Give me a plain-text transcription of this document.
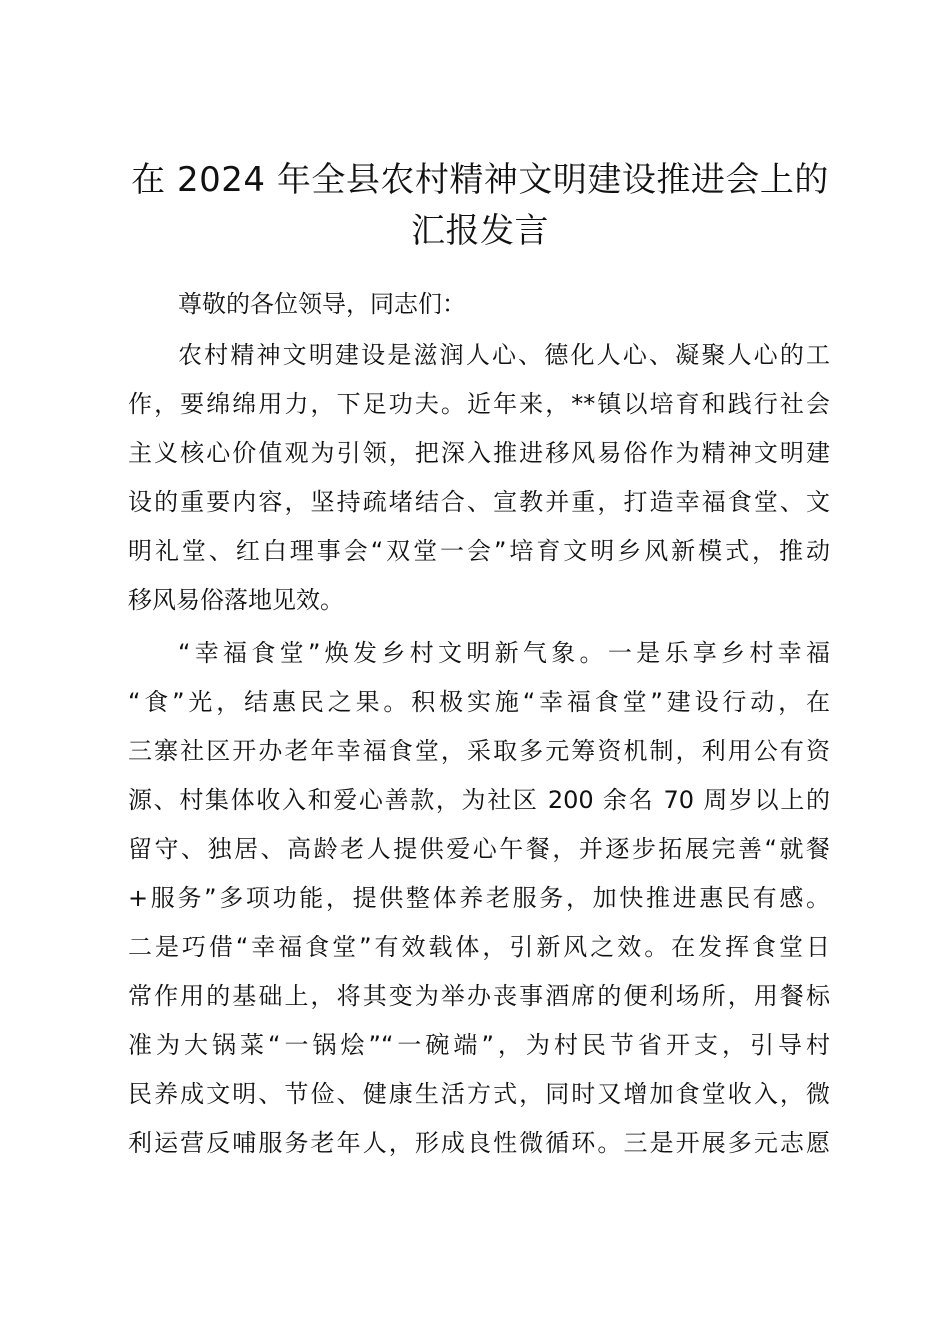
在 2024 年全县农村精神文明建设推进会上的
汇报发言

尊敬的各位领导，同志们：

农村精神文明建设是滋润人心、德化人心、凝聚人心的工

作，要绵绵用力，下足功夫。近年来，**镇以培育和践行社会

主义核心价值观为引领，把深入推进移风易俗作为精神文明建

设的重要内容，坚持疏堵结合、宣教并重，打造幸福食堂、文

明礼堂、红白理事会“双堂一会”培育文明乡风新模式，推动

移风易俗落地见效。

“幸福食堂”焕发乡村文明新气象。一是乐享乡村幸福

“食”光，结惠民之果。积极实施“幸福食堂”建设行动，在

三寨社区开办老年幸福食堂，采取多元筹资机制，利用公有资

源、村集体收入和爱心善款，为社区 200 余名 70 周岁以上的

留守、独居、高龄老人提供爱心午餐，并逐步拓展完善“就餐

+服务”多项功能，提供整体养老服务，加快推进惠民有感。

二是巧借“幸福食堂”有效载体，引新风之效。在发挥食堂日

常作用的基础上，将其变为举办丧事酒席的便利场所，用餐标

准为大锅菜“一锅烩”“一碗端”，为村民节省开支，引导村

民养成文明、节俭、健康生活方式，同时又增加食堂收入，微

利运营反哺服务老年人，形成良性微循环。三是开展多元志愿
